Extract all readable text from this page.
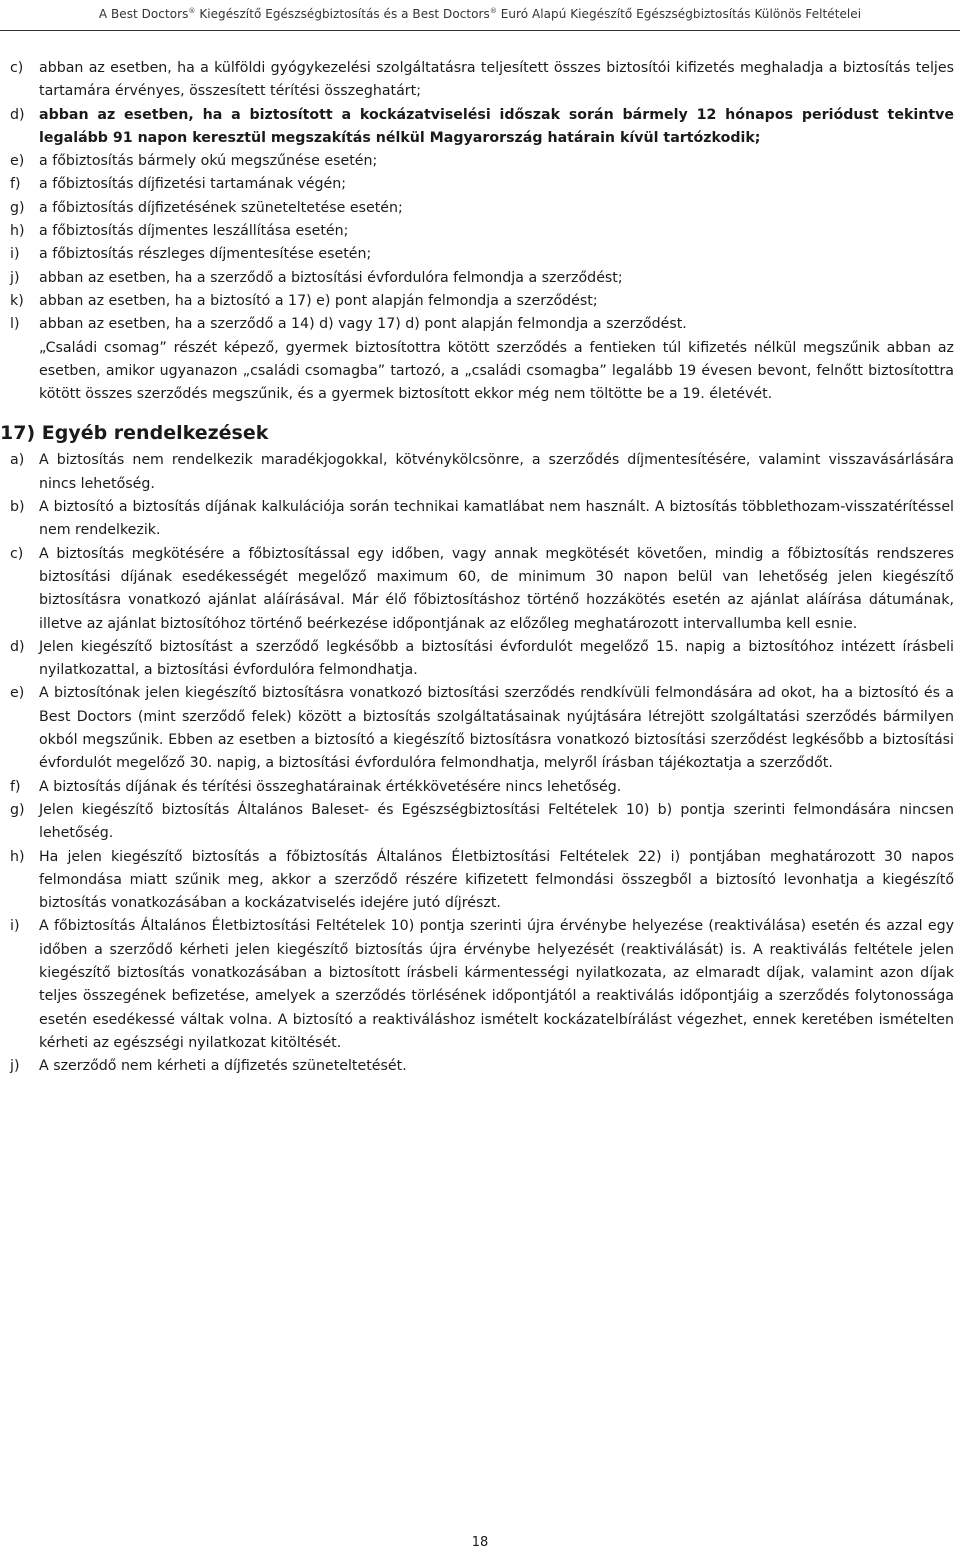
A Best Doctors® Kiegészítő Egészségbiztosítás és a Best Doctors® Euró Alapú Kiegészítő Egészségbiztosítás Különös Feltételei
c) abban az esetben, ha a külföldi gyógykezelési szolgáltatásra teljesített összes biztosítói kifizetés meghaladja a biztosítás teljes tartamára érvényes, összesített térítési összeghatárt;
d) abban az esetben, ha a biztosított a kockázatviselési időszak során bármely 12 hónapos periódust tekintve legalább 91 napon keresztül megszakítás nélkül Magyarország határain kívül tartózkodik;
e) a főbiztosítás bármely okú megszűnése esetén;
f) a főbiztosítás díjfizetési tartamának végén;
g) a főbiztosítás díjfizetésének szüneteltetése esetén;
h) a főbiztosítás díjmentes leszállítása esetén;
i) a főbiztosítás részleges díjmentesítése esetén;
j) abban az esetben, ha a szerződő a biztosítási évfordulóra felmondja a szerződést;
k) abban az esetben, ha a biztosító a 17) e) pont alapján felmondja a szerződést;
l) abban az esetben, ha a szerződő a 14) d) vagy 17) d) pont alapján felmondja a szerződést.
„Családi csomag” részét képező, gyermek biztosítottra kötött szerződés a fentieken túl kifizetés nélkül megszűnik abban az esetben, amikor ugyanazon „családi csomagba” tartozó, a „családi csomagba” legalább 19 évesen bevont, felnőtt biztosítottra kötött összes szerződés megszűnik, és a gyermek biztosított ekkor még nem töltötte be a 19. életévét.
17) Egyéb rendelkezések
a) A biztosítás nem rendelkezik maradékjogokkal, kötvénykölcsönre, a szerződés díjmentesítésére, valamint visszavásárlására nincs lehetőség.
b) A biztosító a biztosítás díjának kalkulációja során technikai kamatlábat nem használt. A biztosítás többlethozam-visszatérítéssel nem rendelkezik.
c) A biztosítás megkötésére a főbiztosítással egy időben, vagy annak megkötését követően, mindig a főbiztosítás rendszeres biztosítási díjának esedékességét megelőző maximum 60, de minimum 30 napon belül van lehetőség jelen kiegészítő biztosításra vonatkozó ajánlat aláírásával. Már élő főbiztosításhoz történő hozzákötés esetén az ajánlat aláírása dátumának, illetve az ajánlat biztosítóhoz történő beérkezése időpontjának az előzőleg meghatározott intervallumba kell esnie.
d) Jelen kiegészítő biztosítást a szerződő legkésőbb a biztosítási évfordulót megelőző 15. napig a biztosítóhoz intézett írásbeli nyilatkozattal, a biztosítási évfordulóra felmondhatja.
e) A biztosítónak jelen kiegészítő biztosításra vonatkozó biztosítási szerződés rendkívüli felmondására ad okot, ha a biztosító és a Best Doctors (mint szerződő felek) között a biztosítás szolgáltatásainak nyújtására létrejött szolgáltatási szerződés bármilyen okból megszűnik. Ebben az esetben a biztosító a kiegészítő biztosításra vonatkozó biztosítási szerződést legkésőbb a biztosítási évfordulót megelőző 30. napig, a biztosítási évfordulóra felmondhatja, melyről írásban tájékoztatja a szerződőt.
f) A biztosítás díjának és térítési összeghatárainak értékkövetésére nincs lehetőség.
g) Jelen kiegészítő biztosítás Általános Baleset- és Egészségbiztosítási Feltételek 10) b) pontja szerinti felmondására nincsen lehetőség.
h) Ha jelen kiegészítő biztosítás a főbiztosítás Általános Életbiztosítási Feltételek 22) i) pontjában meghatározott 30 napos felmondása miatt szűnik meg, akkor a szerződő részére kifizetett felmondási összegből a biztosító levonhatja a kiegészítő biztosítás vonatkozásában a kockázatviselés idejére jutó díjrészt.
i) A főbiztosítás Általános Életbiztosítási Feltételek 10) pontja szerinti újra érvénybe helyezése (reaktiválása) esetén és azzal egy időben a szerződő kérheti jelen kiegészítő biztosítás újra érvénybe helyezését (reaktiválását) is. A reaktiválás feltétele jelen kiegészítő biztosítás vonatkozásában a biztosított írásbeli kármentességi nyilatkozata, az elmaradt díjak, valamint azon díjak teljes összegének befizetése, amelyek a szerződés törlésének időpontjától a reaktiválás időpontjáig a szerződés folytonossága esetén esedékessé váltak volna. A biztosító a reaktiváláshoz ismételt kockázatelbírálást végezhet, ennek keretében ismételten kérheti az egészségi nyilatkozat kitöltését.
j) A szerződő nem kérheti a díjfizetés szüneteltetését.
18
